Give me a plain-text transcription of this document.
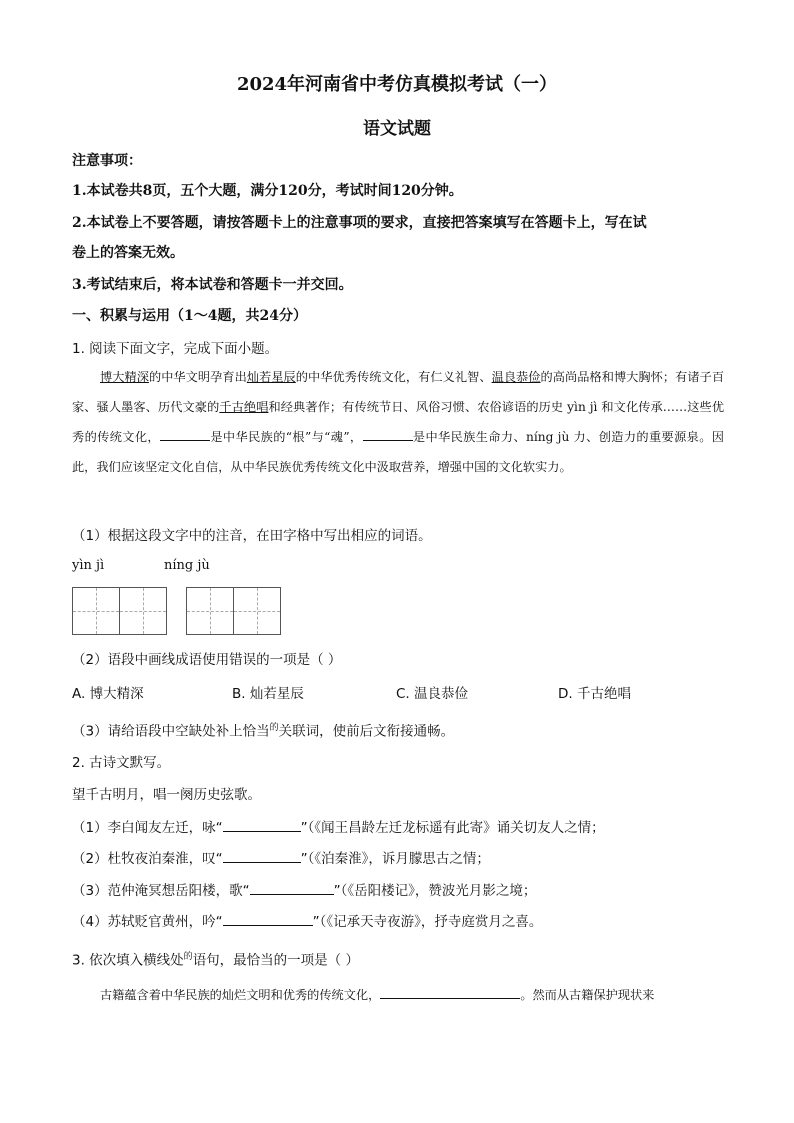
2024年河南省中考仿真模拟考试（一）
语文试题
注意事项：
1.本试卷共8页，五个大题，满分120分，考试时间120分钟。
2.本试卷上不要答题，请按答题卡上的注意事项的要求，直接把答案填写在答题卡上，写在试
卷上的答案无效。
3.考试结束后，将本试卷和答题卡一并交回。
一、积累与运用（1～4题，共24分）
1. 阅读下面文字，完成下面小题。
博大精深的中华文明孕育出灿若星辰的中华优秀传统文化，有仁义礼智、温良恭俭的高尚品格和博大胸怀；有诸子百家、骚人墨客、历代文豪的千古绝唱和经典著作；有传统节日、风俗习惯、农俗谚语的历史 yìn jì 和文化传承……这些优秀的传统文化，	是中华民族的“根”与“魂”，	是中华民族生命力、níng jù 力、创造力的重要源泉。因此，我们应该坚定文化自信，从中华民族优秀传统文化中汲取营养，增强中国的文化软实力。
（1）根据这段文字中的注音，在田字格中写出相应的词语。
yìn jì	níng jù
（2）语段中画线成语使用错误的一项是（ ）
A. 博大精深	B. 灿若星辰	C. 温良恭俭	D. 千古绝唱
（3）请给语段中空缺处补上恰当$^的$关联词，使前后文衔接通畅。
2. 古诗文默写。
望千古明月，唱一阕历史弦歌。
（1）李白闻友左迁，咏“	”（《闻王昌龄左迁龙标遥有此寄》诵关切友人之情；
（2）杜牧夜泊秦淮，叹“	”（《泊秦淮》，诉月朦思古之情；
（3）范仲淹冥想岳阳楼，歌“	”（《岳阳楼记》，赞波光月影之境；
（4）苏轼贬官黄州，吟“	”（《记承天寺夜游》，抒寺庭赏月之喜。
3. 依次填入横线处$^的$语句，最恰当的一项是（ ）
古籍蕴含着中华民族的灿烂文明和优秀的传统文化，	。然而从古籍保护现状来
